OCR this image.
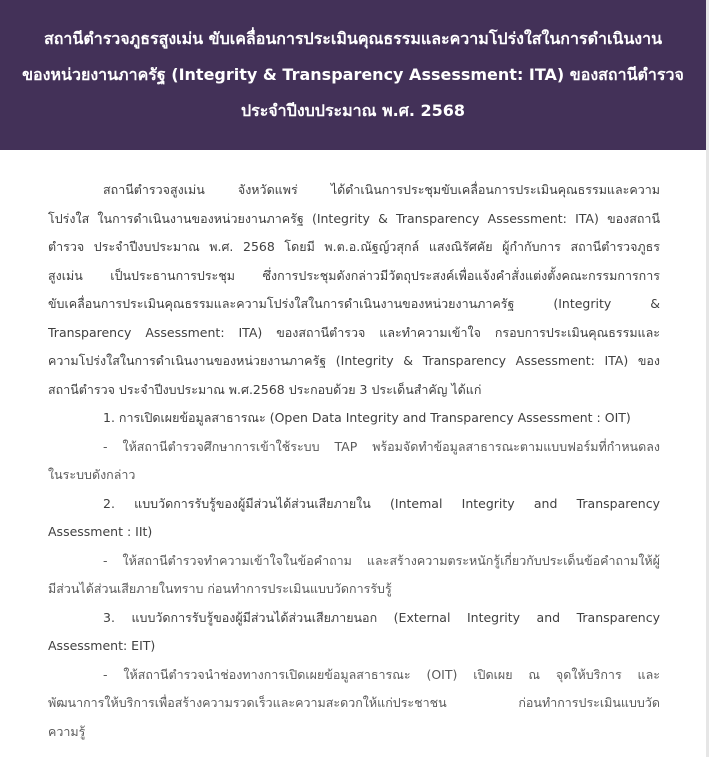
สถานีตำรวจภูธรสูงเม่น ขับเคลื่อนการประเมินคุณธรรมและความโปร่งใสในการดำเนินงาน
ของหน่วยงานภาครัฐ (Integrity & Transparency Assessment: ITA) ของสถานีตำรวจ
ประจำปีงบประมาณ พ.ศ. 2568
สถานีตำรวจสูงเม่น จังหวัดแพร่ ได้ดำเนินการประชุมขับเคลื่อนการประเมินคุณธรรมและความ
โปร่งใส ในการดำเนินงานของหน่วยงานภาครัฐ (Integrity & Transparency Assessment: ITA) ของสถานี
ตำรวจ ประจำปีงบประมาณ พ.ศ. 2568 โดยมี พ.ต.อ.ณัฐญ์วสุกล์ แสงณิรัศคัย ผู้กำกับการ สถานีตำรวจภูธร
สูงเม่น เป็นประธานการประชุม ซึ่งการประชุมดังกล่าวมีวัตถุประสงค์เพื่อแจ้งคำสั่งแต่งตั้งคณะกรรมการการ
ขับเคลื่อนการประเมินคุณธรรมและความโปร่งใสในการดำเนินงานของหน่วยงานภาครัฐ (Integrity &
Transparency Assessment: ITA) ของสถานีตำรวจ และทำความเข้าใจ กรอบการประเมินคุณธรรมและ
ความโปร่งใสในการดำเนินงานของหน่วยงานภาครัฐ (Integrity & Transparency Assessment: ITA) ของ
สถานีตำรวจ ประจำปีงบประมาณ พ.ศ.2568 ประกอบด้วย 3 ประเด็นสำคัญ ได้แก่
1. การเปิดเผยข้อมูลสาธารณะ (Open Data Integrity and Transparency Assessment : OIT)
- ให้สถานีตำรวจศึกษาการเข้าใช้ระบบ TAP พร้อมจัดทำข้อมูลสาธารณะตามแบบฟอร์มที่กำหนดลง
ในระบบดังกล่าว
2. แบบวัดการรับรู้ของผู้มีส่วนได้ส่วนเสียภายใน (Intemal Integrity and Transparency
Assessment : IIt)
- ให้สถานีตำรวจทำความเข้าใจในข้อคำถาม และสร้างความตระหนักรู้เกี่ยวกับประเด็นข้อคำถามให้ผู้
มีส่วนได้ส่วนเสียภายในทราบ ก่อนทำการประเมินแบบวัดการรับรู้
3. แบบวัดการรับรู้ของผู้มีส่วนได้ส่วนเสียภายนอก (External Integrity and Transparency
Assessment: EIT)
- ให้สถานีตำรวจนำช่องทางการเปิดเผยข้อมูลสาธารณะ (OIT) เปิดเผย ณ จุดให้บริการ และ
พัฒนาการให้บริการเพื่อสร้างความรวดเร็วและความสะดวกให้แก่ประชาชน ก่อนทำการประเมินแบบวัด
ความรู้
